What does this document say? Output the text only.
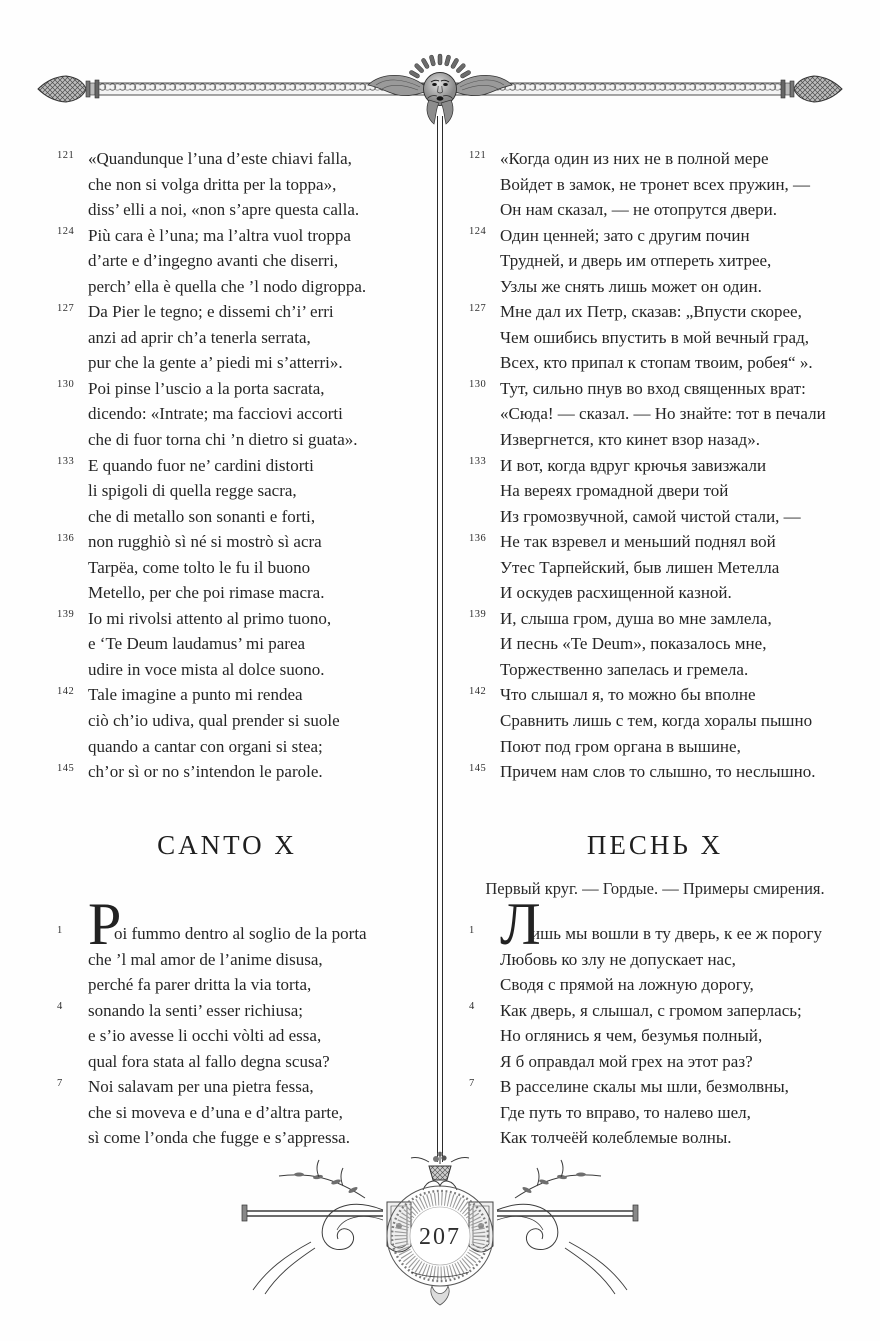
121 «Quandunque l’una d’este chiavi falla,
che non si volga dritta per la toppa»,
diss’ elli a noi, «non s’apre questa calla.
124 Più cara è l’una; ma l’altra vuol troppa
d’arte e d’ingegno avanti che diserri,
perch’ ella è quella che ’l nodo digroppa.
127 Da Pier le tegno; e dissemi ch’i’ erri
anzi ad aprir ch’a tenerla serrata,
pur che la gente a’ piedi mi s’atterri».
130 Poi pinse l’uscio a la porta sacrata,
dicendo: «Intrate; ma facciovi accorti
che di fuor torna chi ’n dietro si guata».
133 E quando fuor ne’ cardini distorti
li spigoli di quella regge sacra,
che di metallo son sonanti e forti,
136 non rugghiò sì né si mostrò sì acra
Tarpëa, come tolto le fu il buono
Metello, per che poi rimase macra.
139 Io mi rivolsi attento al primo tuono,
e ‘Te Deum laudamus’ mi parea
udire in voce mista al dolce suono.
142 Tale imagine a punto mi rendea
ciò ch’io udiva, qual prender si suole
quando a cantar con organi si stea;
145 ch’or sì or no s’intendon le parole.
CANTO X
1 P
oi fummo dentro al soglio de la porta
che ’l mal amor de l’anime disusa,
perché fa parer dritta la via torta,
4 sonando la senti’ esser richiusa;
e s’io avesse li occhi vòlti ad essa,
qual fora stata al fallo degna scusa?
7 Noi salavam per una pietra fessa,
che si moveva e d’una e d’altra parte,
sì come l’onda che fugge e s’appressa.
121 «Когда один из них не в полной мере
Войдет в замок, не тронет всех пружин, —
Он нам сказал, — не отопрутся двери.
124 Один ценней; зато с другим почин
Трудней, и дверь им отпереть хитрее,
Узлы же снять лишь может он один.
127 Мне дал их Петр, сказав: „Впусти скорее,
Чем ошибись впустить в мой вечный град,
Всех, кто припал к стопам твоим, робея“ ».
130 Тут, сильно пнув во вход священных врат:
«Сюда! — сказал. — Но знайте: тот в печали
Извергнется, кто кинет взор назад».
133 И вот, когда вдруг крючья завизжали
На вереях громадной двери той
Из громозвучной, самой чистой стали, —
136 Не так взревел и меньший поднял вой
Утес Тарпейский, быв лишен Метелла
И оскудев расхищенной казной.
139 И, слыша гром, душа во мне замлела,
И песнь «Te Deum», показалось мне,
Торжественно запелась и гремела.
142 Что слышал я, то можно бы вполне
Сравнить лишь с тем, когда хоралы пышно
Поют под гром органа в вышине,
145 Причем нам слов то слышно, то неслышно.
ПЕСНЬ X
Первый круг. — Гордые. — Примеры смирения.
1 Л
ишь мы вошли в ту дверь, к ее ж порогу
Любовь ко злу не допускает нас,
Сводя с прямой на ложную дорогу,
4 Как дверь, я слышал, с громом заперлась;
Но оглянись я чем, безумья полный,
Я б оправдал мой грех на этот раз?
7 В расселине скалы мы шли, безмолвны,
Где путь то вправо, то налево шел,
Как толчеёй колеблемые волны.
207
